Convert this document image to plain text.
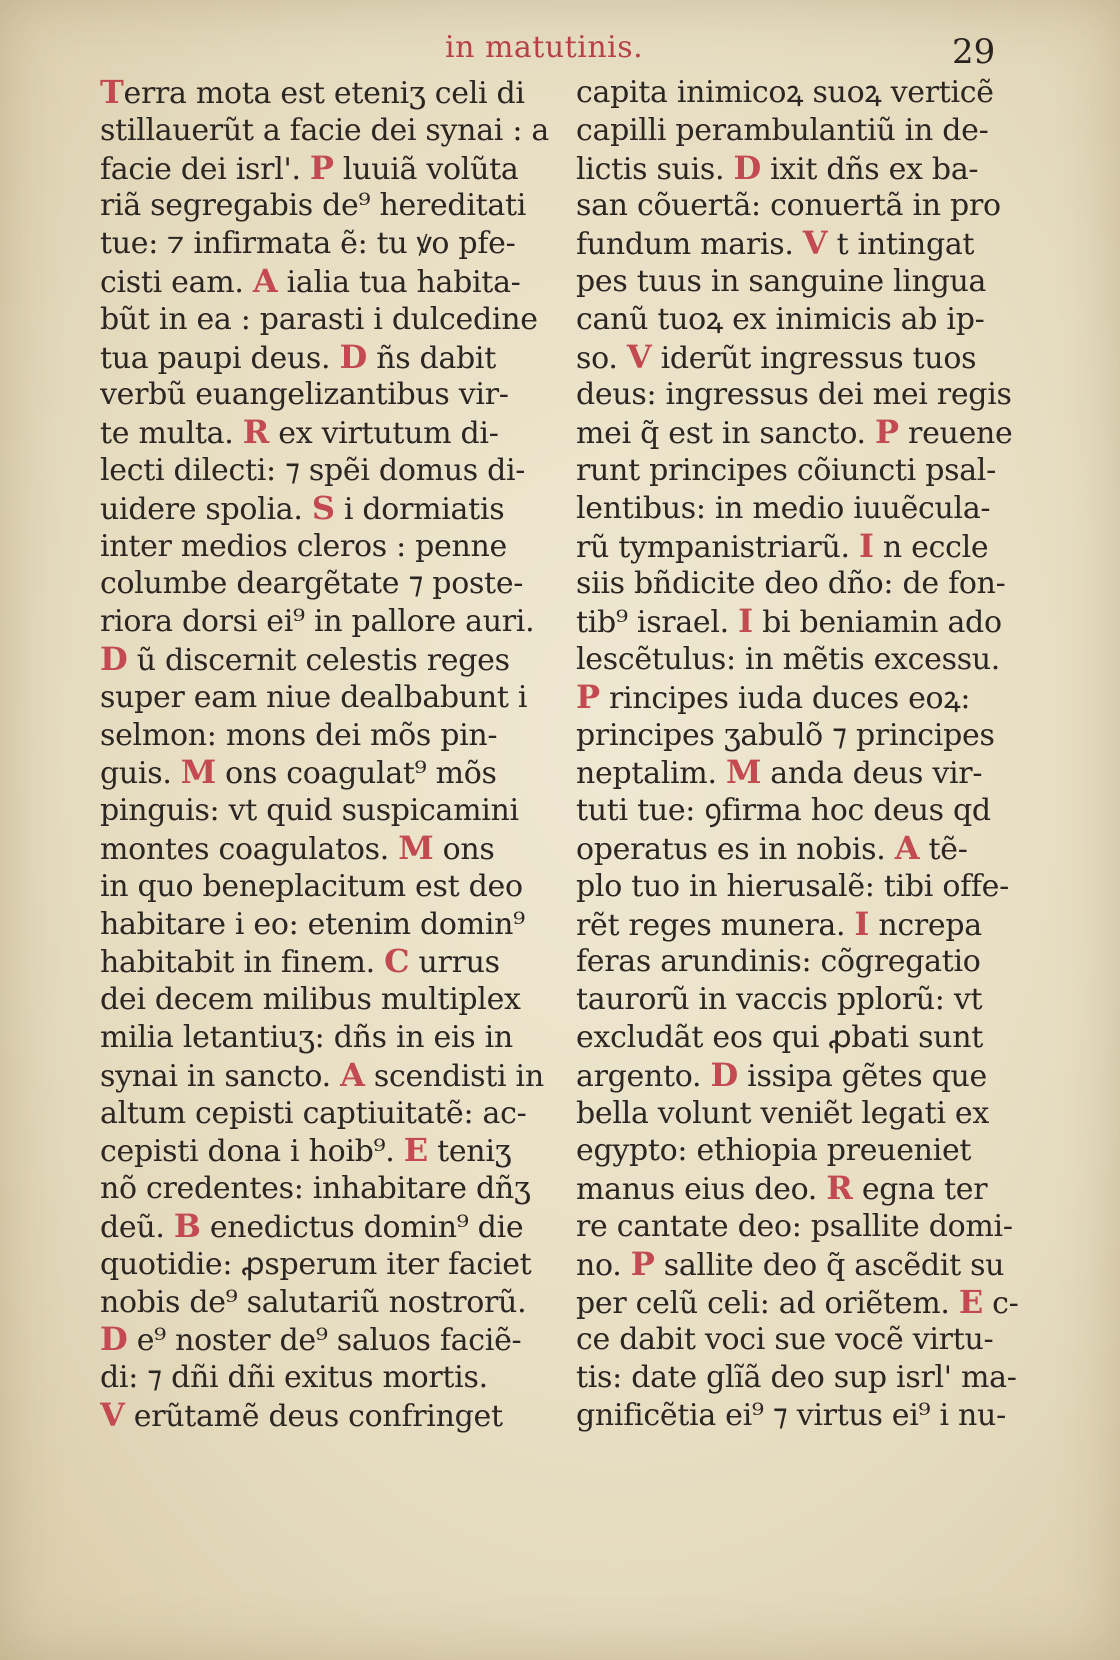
in matutinis.	29
Terra mota est eteniʒ celi di
stillauerũt a facie dei synai : a
facie dei isrl'. P luuiã volũta
riã segregabis de⁹ hereditati
tue: ⁊ infirmata ẽ: tu ꝟo pfe-
cisti eam. A ialia tua habita-
bũt in ea : parasti i dulcedine
tua paupi deus. D ñs dabit
verbũ euangelizantibus vir-
te multa. R ex virtutum di-
lecti dilecti: ⁊ spẽi domus di-
uidere spolia. S i dormiatis
inter medios cleros : penne
columbe deargẽtate ⁊ poste-
riora dorsi ei⁹ in pallore auri.
D ũ discernit celestis reges
super eam niue dealbabunt i
selmon: mons dei mõs pin-
guis. M ons coagulat⁹ mõs
pinguis: vt quid suspicamini
montes coagulatos. M ons
in quo beneplacitum est deo
habitare i eo: etenim domin⁹
habitabit in finem. C urrus
dei decem milibus multiplex
milia letantiuʒ: dñs in eis in
synai in sancto. A scendisti in
altum cepisti captiuitatẽ: ac-
cepisti dona i hoib⁹. E teniʒ
nõ credentes: inhabitare dñʒ
deũ. B enedictus domin⁹ die
quotidie: ꝓsperum iter faciet
nobis de⁹ salutariũ nostrorũ.
D e⁹ noster de⁹ saluos faciẽ-
di: ⁊ dñi dñi exitus mortis.
V erũtamẽ deus confringet
capita inimicoꝝ suoꝝ verticẽ
capilli perambulantiũ in de-
lictis suis. D ixit dñs ex ba-
san cõuertã: conuertã in pro
fundum maris. V t intingat
pes tuus in sanguine lingua
canũ tuoꝝ ex inimicis ab ip-
so. V iderũt ingressus tuos
deus: ingressus dei mei regis
mei q̃ est in sancto. P reuene
runt principes cõiuncti psal-
lentibus: in medio iuuẽcula-
rũ tympanistriarũ. I n eccle
siis bñdicite deo dño: de fon-
tib⁹ israel. I bi beniamin ado
lescẽtulus: in mẽtis excessu.
P rincipes iuda duces eoꝝ:
principes ʒabulõ ⁊ principes
neptalim. M anda deus vir-
tuti tue: ꝯfirma hoc deus qd
operatus es in nobis. A tẽ-
plo tuo in hierusalẽ: tibi offe-
rẽt reges munera. I ncrepa
feras arundinis: cõgregatio
taurorũ in vaccis pplorũ: vt
excludãt eos qui ꝓbati sunt
argento. D issipa gẽtes que
bella volunt veniẽt legati ex
egypto: ethiopia preueniet
manus eius deo. R egna ter
re cantate deo: psallite domi-
no. P sallite deo q̃ ascẽdit su
per celũ celi: ad oriẽtem. E c-
ce dabit voci sue vocẽ virtu-
tis: date glĩã deo sup isrl' ma-
gnificẽtia ei⁹ ⁊ virtus ei⁹ i nu-
